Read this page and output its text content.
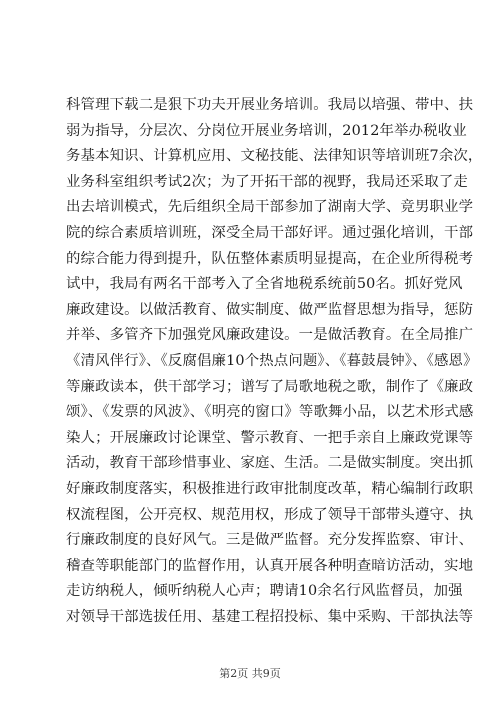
科管理下载二是狠下功夫开展业务培训。我局以培强、带中、扶
弱为指导，分层次、分岗位开展业务培训，2012年举办税收业
务基本知识、计算机应用、文秘技能、法律知识等培训班7余次，
业务科室组织考试2次；为了开拓干部的视野，我局还采取了走
出去培训模式，先后组织全局干部参加了湖南大学、竞男职业学
院的综合素质培训班，深受全局干部好评。通过强化培训，干部
的综合能力得到提升，队伍整体素质明显提高，在企业所得税考
试中，我局有两名干部考入了全省地税系统前50名。抓好党风
廉政建设。以做活教育、做实制度、做严监督思想为指导，惩防
并举、多管齐下加强党风廉政建设。一是做活教育。在全局推广
《清风伴行》、《反腐倡廉10个热点问题》、《暮鼓晨钟》、《感恩》
等廉政读本，供干部学习；谱写了局歌地税之歌，制作了《廉政
颂》、《发票的风波》、《明亮的窗口》等歌舞小品，以艺术形式感
染人；开展廉政讨论课堂、警示教育、一把手亲自上廉政党课等
活动，教育干部珍惜事业、家庭、生活。二是做实制度。突出抓
好廉政制度落实，积极推进行政审批制度改革，精心编制行政职
权流程图，公开亮权、规范用权，形成了领导干部带头遵守、执
行廉政制度的良好风气。三是做严监督。充分发挥监察、审计、
稽查等职能部门的监督作用，认真开展各种明查暗访活动，实地
走访纳税人，倾听纳税人心声；聘请10余名行风监督员，加强
对领导干部选拔任用、基建工程招投标、集中采购、干部执法等
第2页 共9页
